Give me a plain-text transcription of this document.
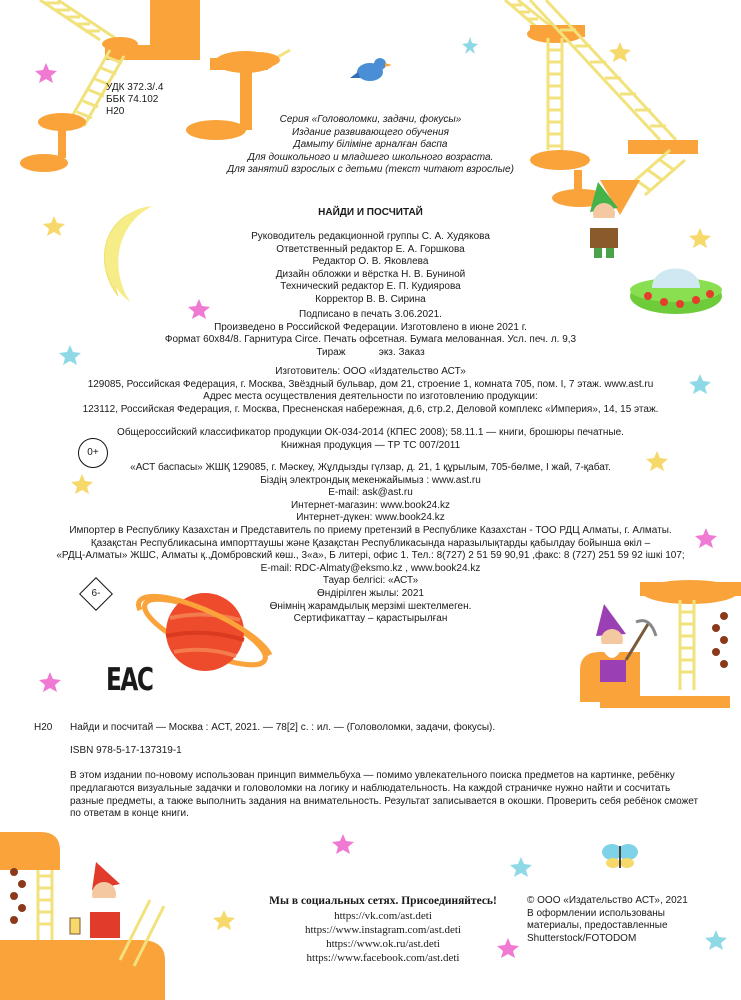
УДК 372.3/.4
ББК 74.102
Н20
Серия «Головоломки, задачи, фокусы»
Издание развивающего обучения
Дамыту біліміне арналған баспа
Для дошкольного и младшего школьного возраста.
Для занятий взрослых с детьми (текст читают взрослые)
НАЙДИ И ПОСЧИТАЙ
Руководитель редакционной группы С. А. Худякова
Ответственный редактор Е. А. Горшкова
Редактор О. В. Яковлева
Дизайн обложки и вёрстка Н. В. Буниной
Технический редактор Е. П. Кудиярова
Корректор В. В. Сирина
Подписано в печать 3.06.2021.
Произведено в Российской Федерации. Изготовлено в июне 2021 г.
Формат 60x84/8. Гарнитура Circe. Печать офсетная. Бумага мелованная. Усл. печ. л. 9,3
Тираж            экз. Заказ
Изготовитель: ООО «Издательство АСТ»
129085, Российская Федерация, г. Москва, Звёздный бульвар, дом 21, строение 1, комната 705, пом. I, 7 этаж. www.ast.ru
Адрес места осуществления деятельности по изготовлению продукции:
123112, Российская Федерация, г. Москва, Пресненская набережная, д.6, стр.2, Деловой комплекс «Империя», 14, 15 этаж.
Общероссийский классификатор продукции ОК-034-2014 (КПЕС 2008); 58.11.1 — книги, брошюры печатные.
Книжная продукция — ТР ТС 007/2011
«АСТ баспасы» ЖШҚ 129085, г. Мәскеу, Жұлдызды гүлзар, д. 21, 1 құрылым, 705-бөлме, I жай, 7-қабат.
Біздің электрондық мекенжайымыз : www.ast.ru
E-mail: ask@ast.ru
Интернет-магазин: www.book24.kz
Интернет-дүкен: www.book24.kz
Импортер в Республику Казахстан и Представитель по приему претензий в Республике Казахстан - ТОО РДЦ Алматы, г. Алматы.
Қазақстан Республикасына импорттаушы және Қазақстан Республикасында наразылықтарды қабылдау бойынша өкіл –
«РДЦ-Алматы» ЖШС, Алматы қ.,Домбровский көш., 3«а», Б литері, офис 1. Тел.: 8(727) 2 51 59 90,91 ,факс: 8 (727) 251 59 92 ішкі 107;
E-mail: RDC-Almaty@eksmo.kz , www.book24.kz
Тауар белгісі: «АСТ»
Өндірілген жылы: 2021
Өнімнің жарамдылық мерзімі шектелмеген.
Сертификаттау – қарастырылған
0+
6-
EAC
Н20 Найди и посчитай — Москва : АСТ, 2021. — 78[2] с. : ил. — (Головоломки, задачи, фокусы).
ISBN 978-5-17-137319-1
В этом издании по-новому использован принцип виммельбуха — помимо увлекательного поиска предметов на картинке, ребёнку
предлагаются визуальные задачки и головоломки на логику и наблюдательность. На каждой страничке нужно найти и сосчитать
разные предметы, а также выполнить задания на внимательность. Результат записывается в окошки. Проверить себя ребёнок сможет
по ответам в конце книги.
Мы в социальных сетях. Присоединяйтесь!
https://vk.com/ast.deti
https://www.instagram.com/ast.deti
https://www.ok.ru/ast.deti
https://www.facebook.com/ast.deti
© ООО «Издательство АСТ», 2021
В оформлении использованы
материалы, предоставленные
Shutterstock/FOTODOM
